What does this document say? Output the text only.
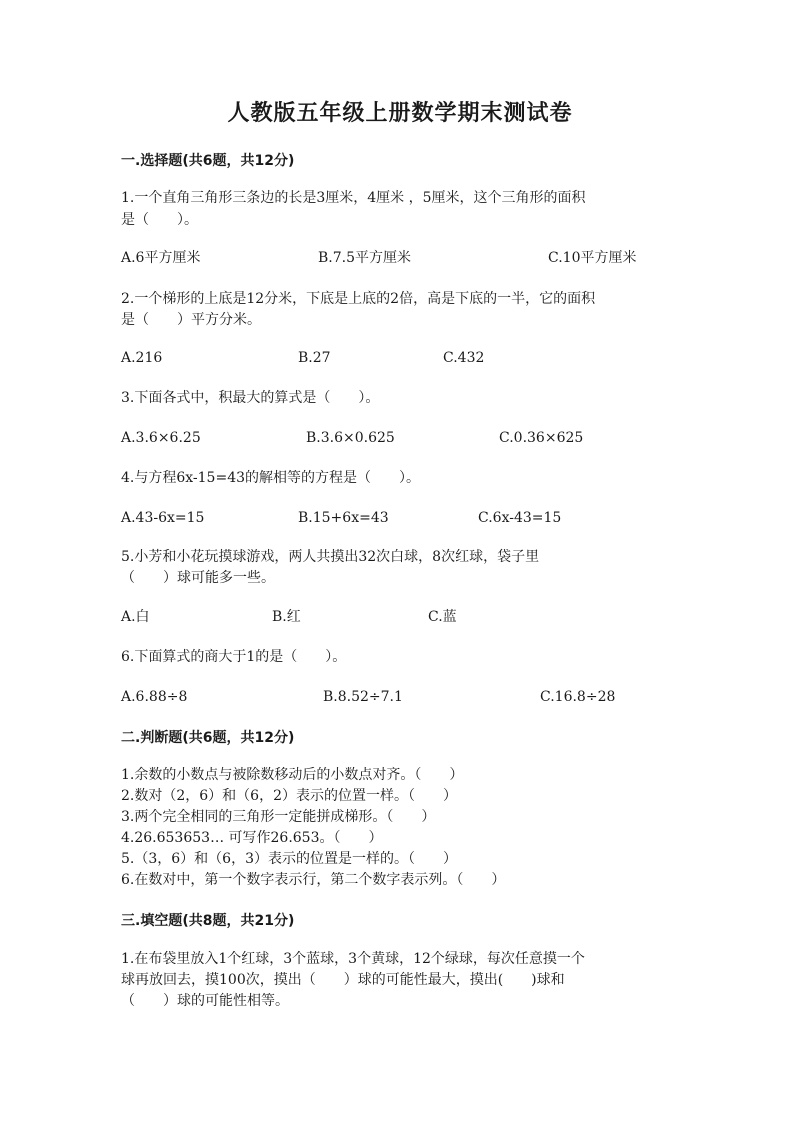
人教版五年级上册数学期末测试卷
一.选择题(共6题，共12分)
1.一个直角三角形三条边的长是3厘米，4厘米 ，5厘米，这个三角形的面积
是（　　）。
A.6平方厘米	B.7.5平方厘米	C.10平方厘米
2.一个梯形的上底是12分米，下底是上底的2倍，高是下底的一半，它的面积
是（　　）平方分米。
A.216	B.27	C.432
3.下面各式中，积最大的算式是（　　）。
A.3.6×6.25	B.3.6×0.625	C.0.36×625
4.与方程6x-15=43的解相等的方程是（　　）。
A.43-6x=15	B.15+6x=43	C.6x-43=15
5.小芳和小花玩摸球游戏，两人共摸出32次白球，8次红球，袋子里
（　　）球可能多一些。
A.白	B.红	C.蓝
6.下面算式的商大于1的是（　　）。
A.6.88÷8	B.8.52÷7.1	C.16.8÷28
二.判断题(共6题，共12分)
1.余数的小数点与被除数移动后的小数点对齐。（　　）
2.数对（2，6）和（6，2）表示的位置一样。（　　）
3.两个完全相同的三角形一定能拼成梯形。（　　）
4.26.653653… 可写作26.653。（　　）
5.（3，6）和（6，3）表示的位置是一样的。（　　）
6.在数对中，第一个数字表示行，第二个数字表示列。（　　）
三.填空题(共8题，共21分)
1.在布袋里放入1个红球，3个蓝球，3个黄球，12个绿球，每次任意摸一个
球再放回去，摸100次，摸出（　　）球的可能性最大，摸出(　　)球和
（　　）球的可能性相等。
